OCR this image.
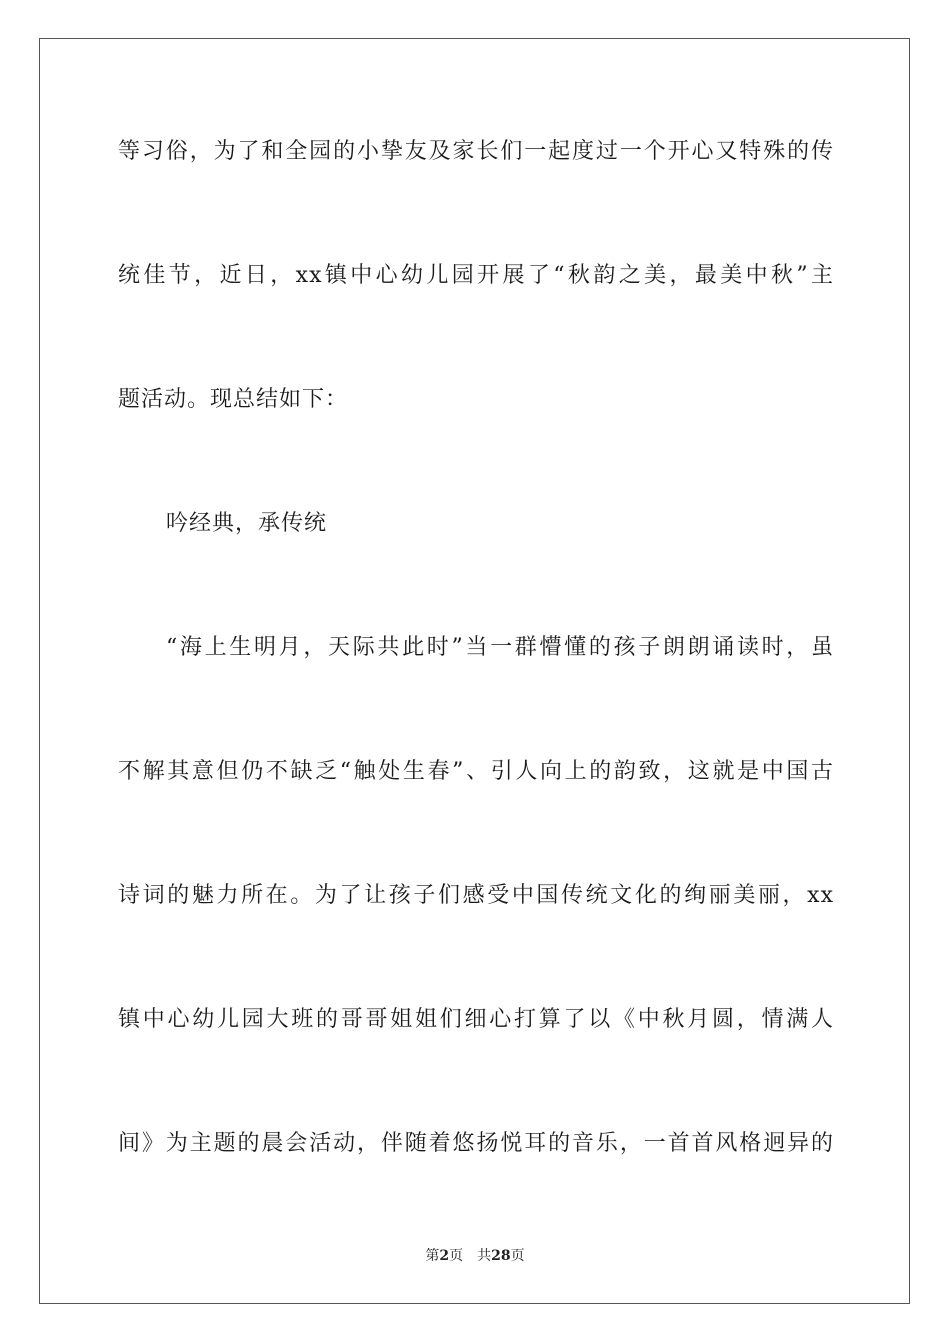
等习俗，为了和全园的小挚友及家长们一起度过一个开心又特殊的传
统佳节，近日，xx镇中心幼儿园开展了“秋韵之美，最美中秋”主
题活动。现总结如下：
吟经典，承传统
“海上生明月，天际共此时”当一群懵懂的孩子朗朗诵读时，虽
不解其意但仍不缺乏“触处生春”、引人向上的韵致，这就是中国古
诗词的魅力所在。为了让孩子们感受中国传统文化的绚丽美丽，xx
镇中心幼儿园大班的哥哥姐姐们细心打算了以《中秋月圆，情满人
间》为主题的晨会活动，伴随着悠扬悦耳的音乐，一首首风格迥异的
第2页 共28页
